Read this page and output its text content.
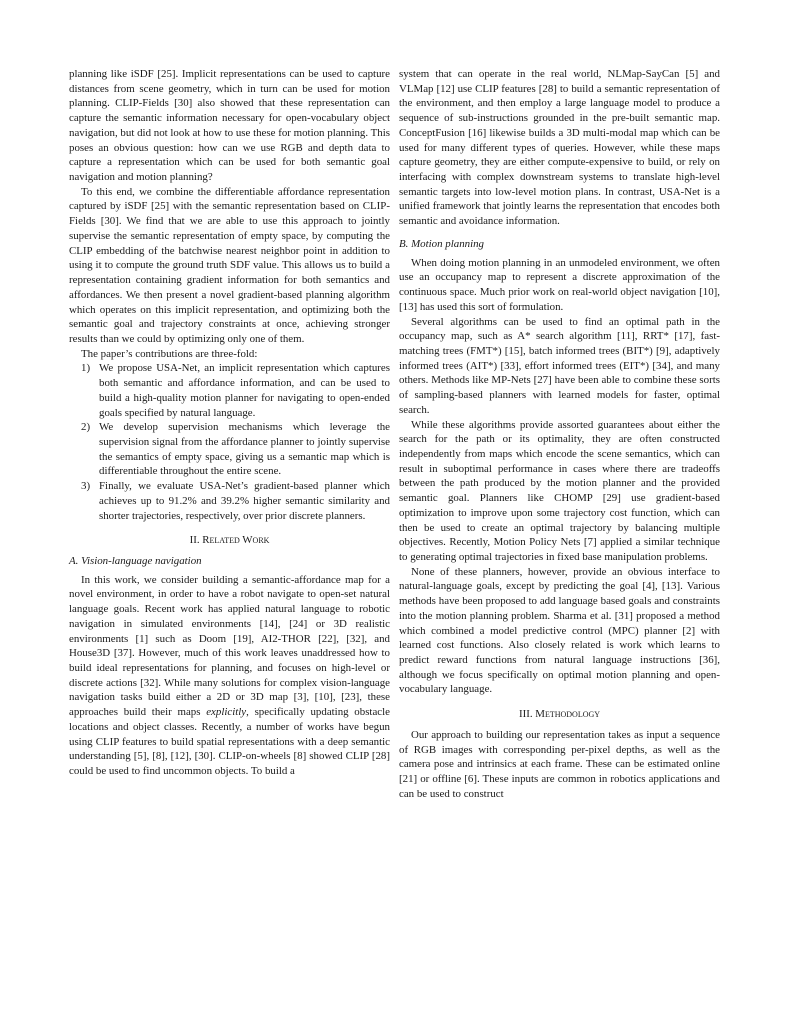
planning like iSDF [25]. Implicit representations can be used to capture distances from scene geometry, which in turn can be used for motion planning. CLIP-Fields [30] also showed that these representation can capture the semantic information necessary for open-vocabulary object navigation, but did not look at how to use these for motion planning. This poses an obvious question: how can we use RGB and depth data to capture a representation which can be used for both semantic goal navigation and motion planning?

To this end, we combine the differentiable affordance representation captured by iSDF [25] with the semantic representation based on CLIP-Fields [30]. We find that we are able to use this approach to jointly supervise the semantic representation of empty space, by computing the CLIP embedding of the batchwise nearest neighbor point in addition to using it to compute the ground truth SDF value. This allows us to build a representation containing gradient information for both semantics and affordances. We then present a novel gradient-based planning algorithm which operates on this implicit representation, and optimizing both the semantic goal and trajectory constraints at once, achieving stronger results than we could by optimizing only one of them.

The paper’s contributions are three-fold:

1) We propose USA-Net, an implicit representation which captures both semantic and affordance information, and can be used to build a high-quality motion planner for navigating to open-ended goals specified by natural language.
2) We develop supervision mechanisms which leverage the supervision signal from the affordance planner to jointly supervise the semantics of empty space, giving us a semantic map which is differentiable throughout the entire scene.
3) Finally, we evaluate USA-Net’s gradient-based planner which achieves up to 91.2% and 39.2% higher semantic similarity and shorter trajectories, respectively, over prior discrete planners.
II. Related Work
A. Vision-language navigation

In this work, we consider building a semantic-affordance map for a novel environment, in order to have a robot navigate to open-set natural language goals. Recent work has applied natural language to robotic navigation in simulated environments [14], [24] or 3D realistic environments [1] such as Doom [19], AI2-THOR [22], [32], and House3D [37]. However, much of this work leaves unaddressed how to build ideal representations for planning, and focuses on high-level or discrete actions [32]. While many solutions for complex vision-language navigation tasks build either a 2D or 3D map [3], [10], [23], these approaches build their maps explicitly, specifically updating obstacle locations and object classes. Recently, a number of works have begun using CLIP features to build spatial representations with a deep semantic understanding [5], [8], [12], [30]. CLIP-on-wheels [8] showed CLIP [28] could be used to find uncommon objects. To build a

system that can operate in the real world, NLMap-SayCan [5] and VLMap [12] use CLIP features [28] to build a semantic representation of the environment, and then employ a large language model to produce a sequence of sub-instructions grounded in the pre-built semantic map. ConceptFusion [16] likewise builds a 3D multi-modal map which can be used for many different types of queries. However, while these maps capture geometry, they are either compute-expensive to build, or rely on interfacing with complex downstream systems to translate high-level semantic targets into low-level motion plans. In contrast, USA-Net is a unified framework that jointly learns the representation that encodes both semantic and avoidance information.

B. Motion planning

When doing motion planning in an unmodeled environment, we often use an occupancy map to represent a discrete approximation of the continuous space. Much prior work on real-world object navigation [10], [13] has used this sort of formulation.

Several algorithms can be used to find an optimal path in the occupancy map, such as A* search algorithm [11], RRT* [17], fast-matching trees (FMT*) [15], batch informed trees (BIT*) [9], adaptively informed trees (AIT*) [33], effort informed trees (EIT*) [34], and many others. Methods like MP-Nets [27] have been able to combine these sorts of sampling-based planners with learned models for faster, optimal search.

While these algorithms provide assorted guarantees about either the search for the path or its optimality, they are often constructed independently from maps which encode the scene semantics, which can result in suboptimal performance in cases where there are tradeoffs between the path produced by the motion planner and the provided semantic goal. Planners like CHOMP [29] use gradient-based optimization to improve upon some trajectory cost function, which can then be used to create an optimal trajectory by balancing multiple objectives. Recently, Motion Policy Nets [7] applied a similar technique to generating optimal trajectories in fixed base manipulation problems.

None of these planners, however, provide an obvious interface to natural-language goals, except by predicting the goal [4], [13]. Various methods have been proposed to add language based goals and constraints into the motion planning problem. Sharma et al. [31] proposed a method which combined a model predictive control (MPC) planner [2] with learned cost functions. Also closely related is work which learns to predict reward functions from natural language instructions [36], although we focus specifically on optimal motion planning and open-vocabulary language.

III. Methodology

Our approach to building our representation takes as input a sequence of RGB images with corresponding per-pixel depths, as well as the camera pose and intrinsics at each frame. These can be estimated online [21] or offline [6]. These inputs are common in robotics applications and can be used to construct
